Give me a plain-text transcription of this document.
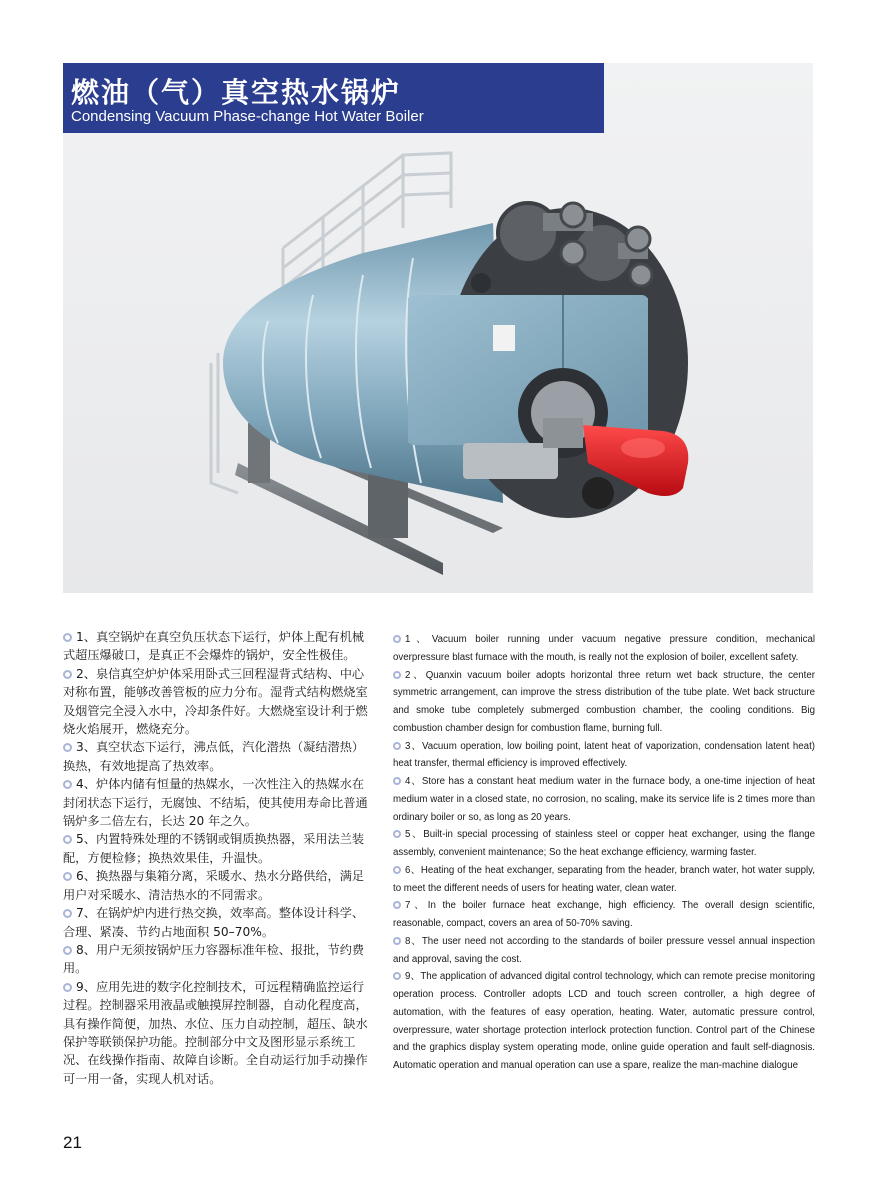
燃油（气）真空热水锅炉
Condensing Vacuum Phase-change Hot Water Boiler

1、真空锅炉在真空负压状态下运行，炉体上配有机械式超压爆破口，是真正不会爆炸的锅炉，安全性极佳。

2、泉信真空炉炉体采用卧式三回程湿背式结构、中心对称布置，能够改善管板的应力分布。湿背式结构燃烧室及烟管完全浸入水中，冷却条件好。大燃烧室设计利于燃烧火焰展开，燃烧充分。

3、真空状态下运行，沸点低，汽化潜热（凝结潜热）换热，有效地提高了热效率。

4、炉体内储有恒量的热媒水，一次性注入的热媒水在封闭状态下运行，无腐蚀、不结垢，使其使用寿命比普通锅炉多二倍左右，长达 20 年之久。

5、内置特殊处理的不锈钢或铜质换热器，采用法兰装配，方便检修；换热效果佳，升温快。

6、换热器与集箱分离，采暖水、热水分路供给，满足用户对采暖水、清洁热水的不同需求。

7、在锅炉炉内进行热交换，效率高。整体设计科学、合理、紧凑、节约占地面积 50–70%。

8、用户无须按锅炉压力容器标准年检、报批，节约费用。

9、应用先进的数字化控制技术，可远程精确监控运行过程。控制器采用液晶或触摸屏控制器，自动化程度高，具有操作简便，加热、水位、压力自动控制，超压、缺水保护等联锁保护功能。控制部分中文及图形显示系统工况、在线操作指南、故障自诊断。全自动运行加手动操作可一用一备，实现人机对话。

1、Vacuum boiler running under vacuum negative pressure condition, mechanical overpressure blast furnace with the mouth, is really not the explosion of boiler, excellent safety.

2、Quanxin vacuum boiler adopts horizontal three return wet back structure, the center symmetric arrangement, can improve the stress distribution of the tube plate. Wet back structure and smoke tube completely submerged combustion chamber, the cooling conditions. Big combustion chamber design for combustion flame, burning full.

3、Vacuum operation, low boiling point, latent heat of vaporization, condensation latent heat) heat transfer, thermal efficiency is improved effectively.

4、Store has a constant heat medium water in the furnace body, a one-time injection of heat medium water in a closed state, no corrosion, no scaling, make its service life is 2 times more than ordinary boiler or so, as long as 20 years.

5、Built-in special processing of stainless steel or copper heat exchanger, using the flange assembly, convenient maintenance; So the heat exchange efficiency, warming faster.

6、Heating of the heat exchanger, separating from the header, branch water, hot water supply, to meet the different needs of users for heating water, clean water.

7、In the boiler furnace heat exchange, high efficiency. The overall design scientific, reasonable, compact, covers an area of 50-70% saving.

8、The user need not according to the standards of boiler pressure vessel annual inspection and approval, saving the cost.

9、The application of advanced digital control technology, which can remote precise monitoring operation process. Controller adopts LCD and touch screen controller, a high degree of automation, with the features of easy operation, heating. Water, automatic pressure control, overpressure, water shortage protection interlock protection function. Control part of the Chinese and the graphics display system operating mode, online guide operation and fault self-diagnosis. Automatic operation and manual operation can use a spare, realize the man-machine dialogue

21
